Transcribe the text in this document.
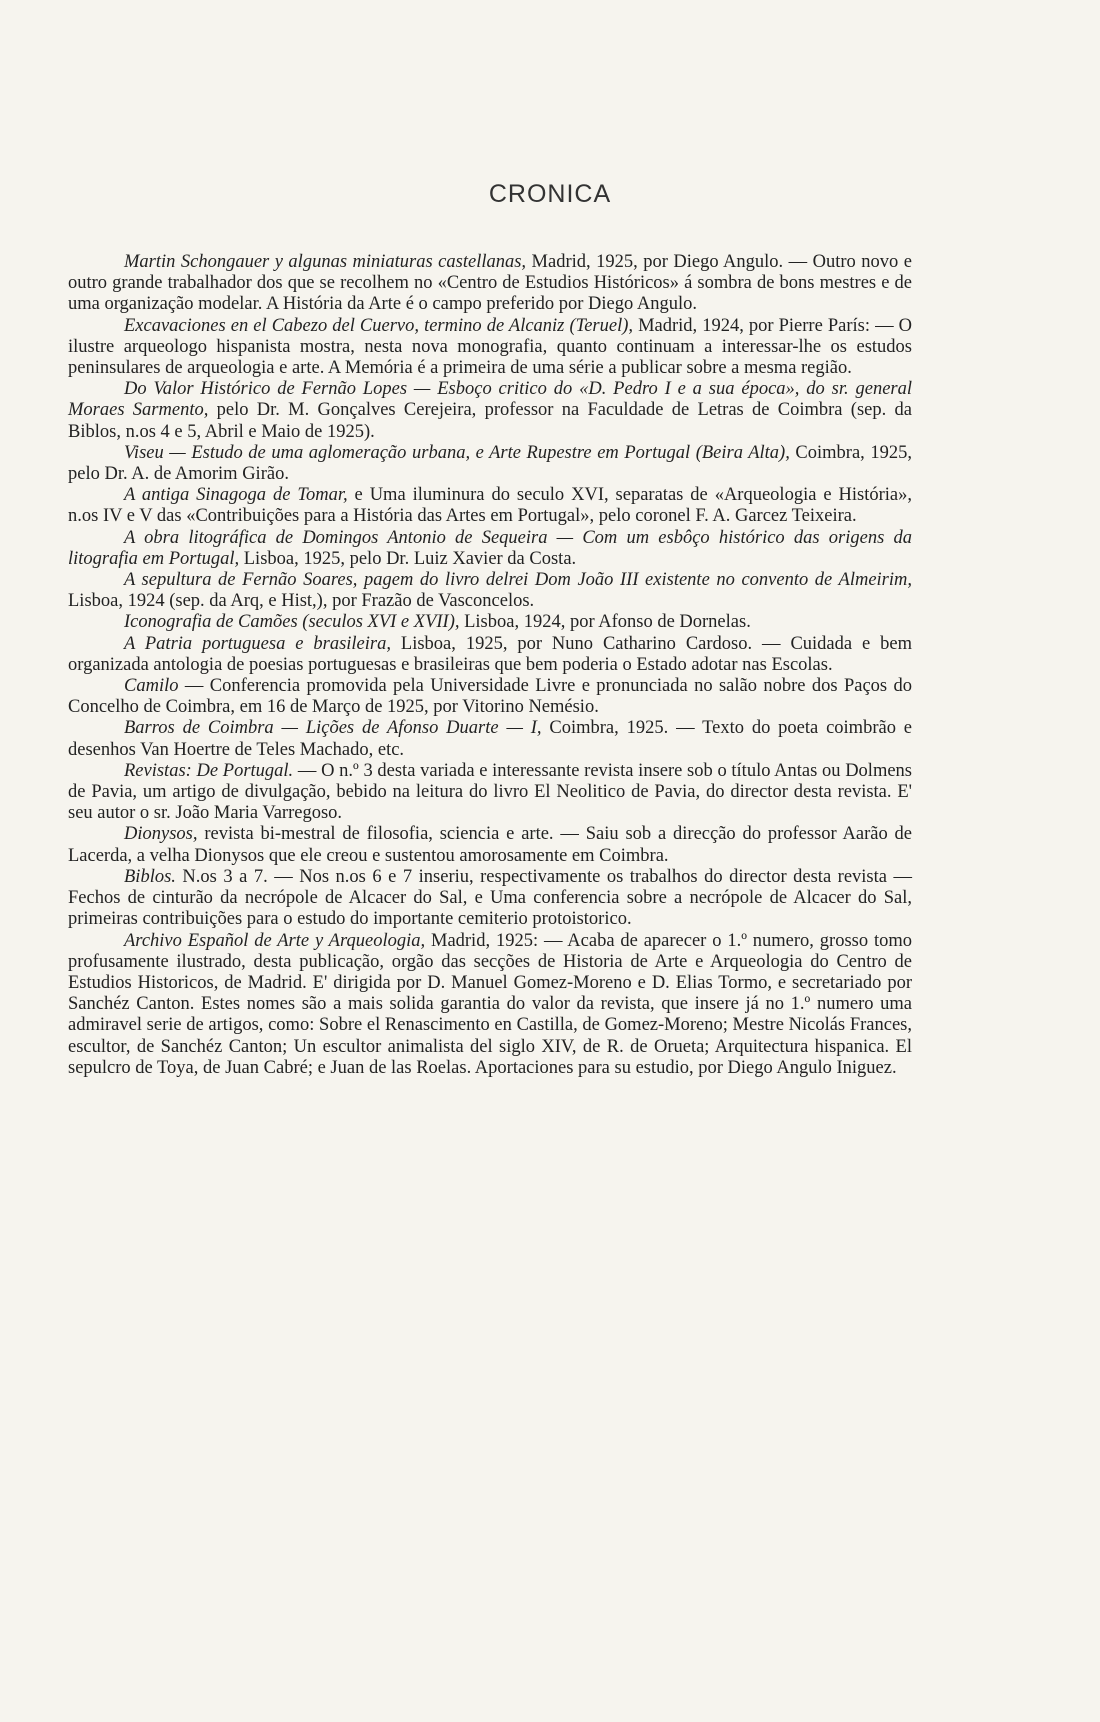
CRONICA

Martin Schongauer y algunas miniaturas castellanas, Madrid, 1925, por Diego Angulo. — Outro novo e outro grande trabalhador dos que se recolhem no «Centro de Estudios Históricos» á sombra de bons mestres e de uma organização modelar. A História da Arte é o campo preferido por Diego Angulo.

Excavaciones en el Cabezo del Cuervo, termino de Alcaniz (Teruel), Madrid, 1924, por Pierre París: — O ilustre arqueologo hispanista mostra, nesta nova monografia, quanto continuam a interessar-lhe os estudos peninsulares de arqueologia e arte. A Memória é a primeira de uma série a publicar sobre a mesma região.

Do Valor Histórico de Fernão Lopes — Esboço critico do «D. Pedro I e a sua época», do sr. general Moraes Sarmento, pelo Dr. M. Gonçalves Cerejeira, professor na Faculdade de Letras de Coimbra (sep. da Biblos, n.os 4 e 5, Abril e Maio de 1925).

Viseu — Estudo de uma aglomeração urbana, e Arte Rupestre em Portugal (Beira Alta), Coimbra, 1925, pelo Dr. A. de Amorim Girão.

A antiga Sinagoga de Tomar, e Uma iluminura do seculo XVI, separatas de «Arqueologia e História», n.os IV e V das «Contribuições para a História das Artes em Portugal», pelo coronel F. A. Garcez Teixeira.

A obra litográfica de Domingos Antonio de Sequeira — Com um esbôço histórico das origens da litografia em Portugal, Lisboa, 1925, pelo Dr. Luiz Xavier da Costa.

A sepultura de Fernão Soares, pagem do livro delrei Dom João III existente no convento de Almeirim, Lisboa, 1924 (sep. da Arq, e Hist,), por Frazão de Vasconcelos.

Iconografia de Camões (seculos XVI e XVII), Lisboa, 1924, por Afonso de Dornelas.

A Patria portuguesa e brasileira, Lisboa, 1925, por Nuno Catharino Cardoso. — Cuidada e bem organizada antologia de poesias portuguesas e brasileiras que bem poderia o Estado adotar nas Escolas.

Camilo — Conferencia promovida pela Universidade Livre e pronunciada no salão nobre dos Paços do Concelho de Coimbra, em 16 de Março de 1925, por Vitorino Nemésio.

Barros de Coimbra — Lições de Afonso Duarte — I, Coimbra, 1925. — Texto do poeta coimbrão e desenhos Van Hoertre de Teles Machado, etc.

Revistas: De Portugal. — O n.º 3 desta variada e interessante revista insere sob o título Antas ou Dolmens de Pavia, um artigo de divulgação, bebido na leitura do livro El Neolitico de Pavia, do director desta revista. E' seu autor o sr. João Maria Varregoso.

Dionysos, revista bi-mestral de filosofia, sciencia e arte. — Saiu sob a direcção do professor Aarão de Lacerda, a velha Dionysos que ele creou e sustentou amorosamente em Coimbra.

Biblos. N.os 3 a 7. — Nos n.os 6 e 7 inseriu, respectivamente os trabalhos do director desta revista — Fechos de cinturão da necrópole de Alcacer do Sal, e Uma conferencia sobre a necrópole de Alcacer do Sal, primeiras contribuições para o estudo do importante cemiterio protoistorico.

Archivo Español de Arte y Arqueologia, Madrid, 1925: — Acaba de aparecer o 1.º numero, grosso tomo profusamente ilustrado, desta publicação, orgão das secções de Historia de Arte e Arqueologia do Centro de Estudios Historicos, de Madrid. E' dirigida por D. Manuel Gomez-Moreno e D. Elias Tormo, e secretariado por Sanchéz Canton. Estes nomes são a mais solida garantia do valor da revista, que insere já no 1.º numero uma admiravel serie de artigos, como: Sobre el Renascimento en Castilla, de Gomez-Moreno; Mestre Nicolás Frances, escultor, de Sanchéz Canton; Un escultor animalista del siglo XIV, de R. de Orueta; Arquitectura hispanica. El sepulcro de Toya, de Juan Cabré; e Juan de las Roelas. Aportaciones para su estudio, por Diego Angulo Iniguez.
